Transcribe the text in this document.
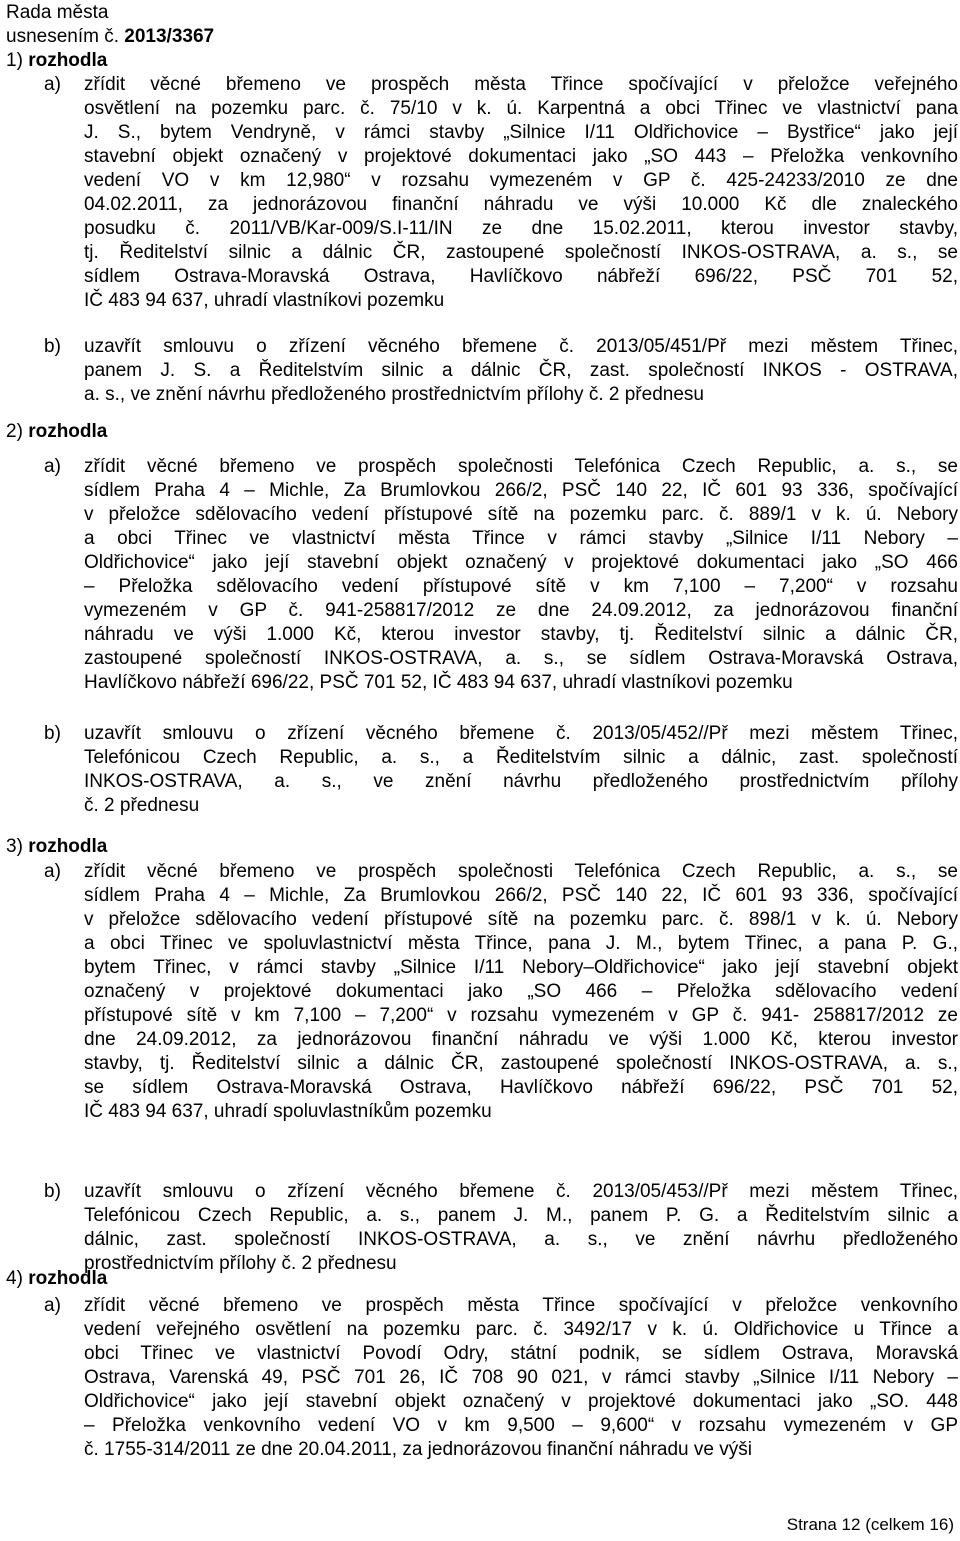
Rada města
usnesením č. 2013/3367
1) rozhodla
a) zřídit věcné břemeno ve prospěch města Třince spočívající v přeložce veřejného

osvětlení na pozemku parc. č. 75/10 v k. ú. Karpentná a obci Třinec ve vlastnictví pana

J. S., bytem Vendryně, v rámci stavby „Silnice I/11 Oldřichovice – Bystřice“ jako její

stavební objekt označený v projektové dokumentaci jako „SO 443 – Přeložka venkovního

vedení VO v km 12,980“ v rozsahu vymezeném v GP č. 425-24233/2010 ze dne

04.02.2011, za jednorázovou finanční náhradu ve výši 10.000 Kč dle znaleckého

posudku č. 2011/VB/Kar-009/S.I-11/IN ze dne 15.02.2011, kterou investor stavby,

tj. Ředitelství silnic a dálnic ČR, zastoupené společností INKOS-OSTRAVA, a. s., se

sídlem Ostrava-Moravská Ostrava, Havlíčkovo nábřeží 696/22, PSČ 701 52,

IČ 483 94 637, uhradí vlastníkovi pozemku

b) uzavřít smlouvu o zřízení věcného břemene č. 2013/05/451/Př mezi městem Třinec,

panem J. S. a Ředitelstvím silnic a dálnic ČR, zast. společností INKOS - OSTRAVA,

a. s., ve znění návrhu předloženého prostřednictvím přílohy č. 2 přednesu

2) rozhodla
a) zřídit věcné břemeno ve prospěch společnosti Telefónica Czech Republic, a. s., se

sídlem Praha 4 – Michle, Za Brumlovkou 266/2, PSČ 140 22, IČ 601 93 336, spočívající

v přeložce sdělovacího vedení přístupové sítě na pozemku parc. č. 889/1 v k. ú. Nebory

a obci Třinec ve vlastnictví města Třince v rámci stavby „Silnice I/11 Nebory –

Oldřichovice“ jako její stavební objekt označený v projektové dokumentaci jako „SO 466

– Přeložka sdělovacího vedení přístupové sítě v km 7,100 – 7,200“ v rozsahu

vymezeném v GP č. 941-258817/2012 ze dne 24.09.2012, za jednorázovou finanční

náhradu ve výši 1.000 Kč, kterou investor stavby, tj. Ředitelství silnic a dálnic ČR,

zastoupené společností INKOS-OSTRAVA, a. s., se sídlem Ostrava-Moravská Ostrava,

Havlíčkovo nábřeží 696/22, PSČ 701 52, IČ 483 94 637, uhradí vlastníkovi pozemku

b) uzavřít smlouvu o zřízení věcného břemene č. 2013/05/452//Př mezi městem Třinec,

Telefónicou Czech Republic, a. s., a Ředitelstvím silnic a dálnic, zast. společností

INKOS-OSTRAVA, a. s., ve znění návrhu předloženého prostřednictvím přílohy

č. 2 přednesu

3) rozhodla
a) zřídit věcné břemeno ve prospěch společnosti Telefónica Czech Republic, a. s., se

sídlem Praha 4 – Michle, Za Brumlovkou 266/2, PSČ 140 22, IČ 601 93 336, spočívající

v přeložce sdělovacího vedení přístupové sítě na pozemku parc. č. 898/1 v k. ú. Nebory

a obci Třinec ve spoluvlastnictví města Třince, pana J. M., bytem Třinec, a pana P. G.,

bytem Třinec, v rámci stavby „Silnice I/11 Nebory–Oldřichovice“ jako její stavební objekt

označený v projektové dokumentaci jako „SO 466 – Přeložka sdělovacího vedení

přístupové sítě v km 7,100 – 7,200“ v rozsahu vymezeném v GP č. 941- 258817/2012 ze

dne 24.09.2012, za jednorázovou finanční náhradu ve výši 1.000 Kč, kterou investor

stavby, tj. Ředitelství silnic a dálnic ČR, zastoupené společností INKOS-OSTRAVA, a. s.,

se sídlem Ostrava-Moravská Ostrava, Havlíčkovo nábřeží 696/22, PSČ 701 52,

IČ 483 94 637, uhradí spoluvlastníkům pozemku

b) uzavřít smlouvu o zřízení věcného břemene č. 2013/05/453//Př mezi městem Třinec,

Telefónicou Czech Republic, a. s., panem J. M., panem P. G. a Ředitelstvím silnic a

dálnic, zast. společností INKOS-OSTRAVA, a. s., ve znění návrhu předloženého

prostřednictvím přílohy č. 2 přednesu

4) rozhodla
a) zřídit věcné břemeno ve prospěch města Třince spočívající v přeložce venkovního

vedení veřejného osvětlení na pozemku parc. č. 3492/17 v k. ú. Oldřichovice u Třince a

obci Třinec ve vlastnictví Povodí Odry, státní podnik, se sídlem Ostrava, Moravská

Ostrava, Varenská 49, PSČ 701 26, IČ 708 90 021, v rámci stavby „Silnice I/11 Nebory –

Oldřichovice“ jako její stavební objekt označený v projektové dokumentaci jako „SO. 448

– Přeložka venkovního vedení VO v km 9,500 – 9,600“ v rozsahu vymezeném v GP

č. 1755-314/2011 ze dne 20.04.2011, za jednorázovou finanční náhradu ve výši

Strana 12 (celkem 16)
